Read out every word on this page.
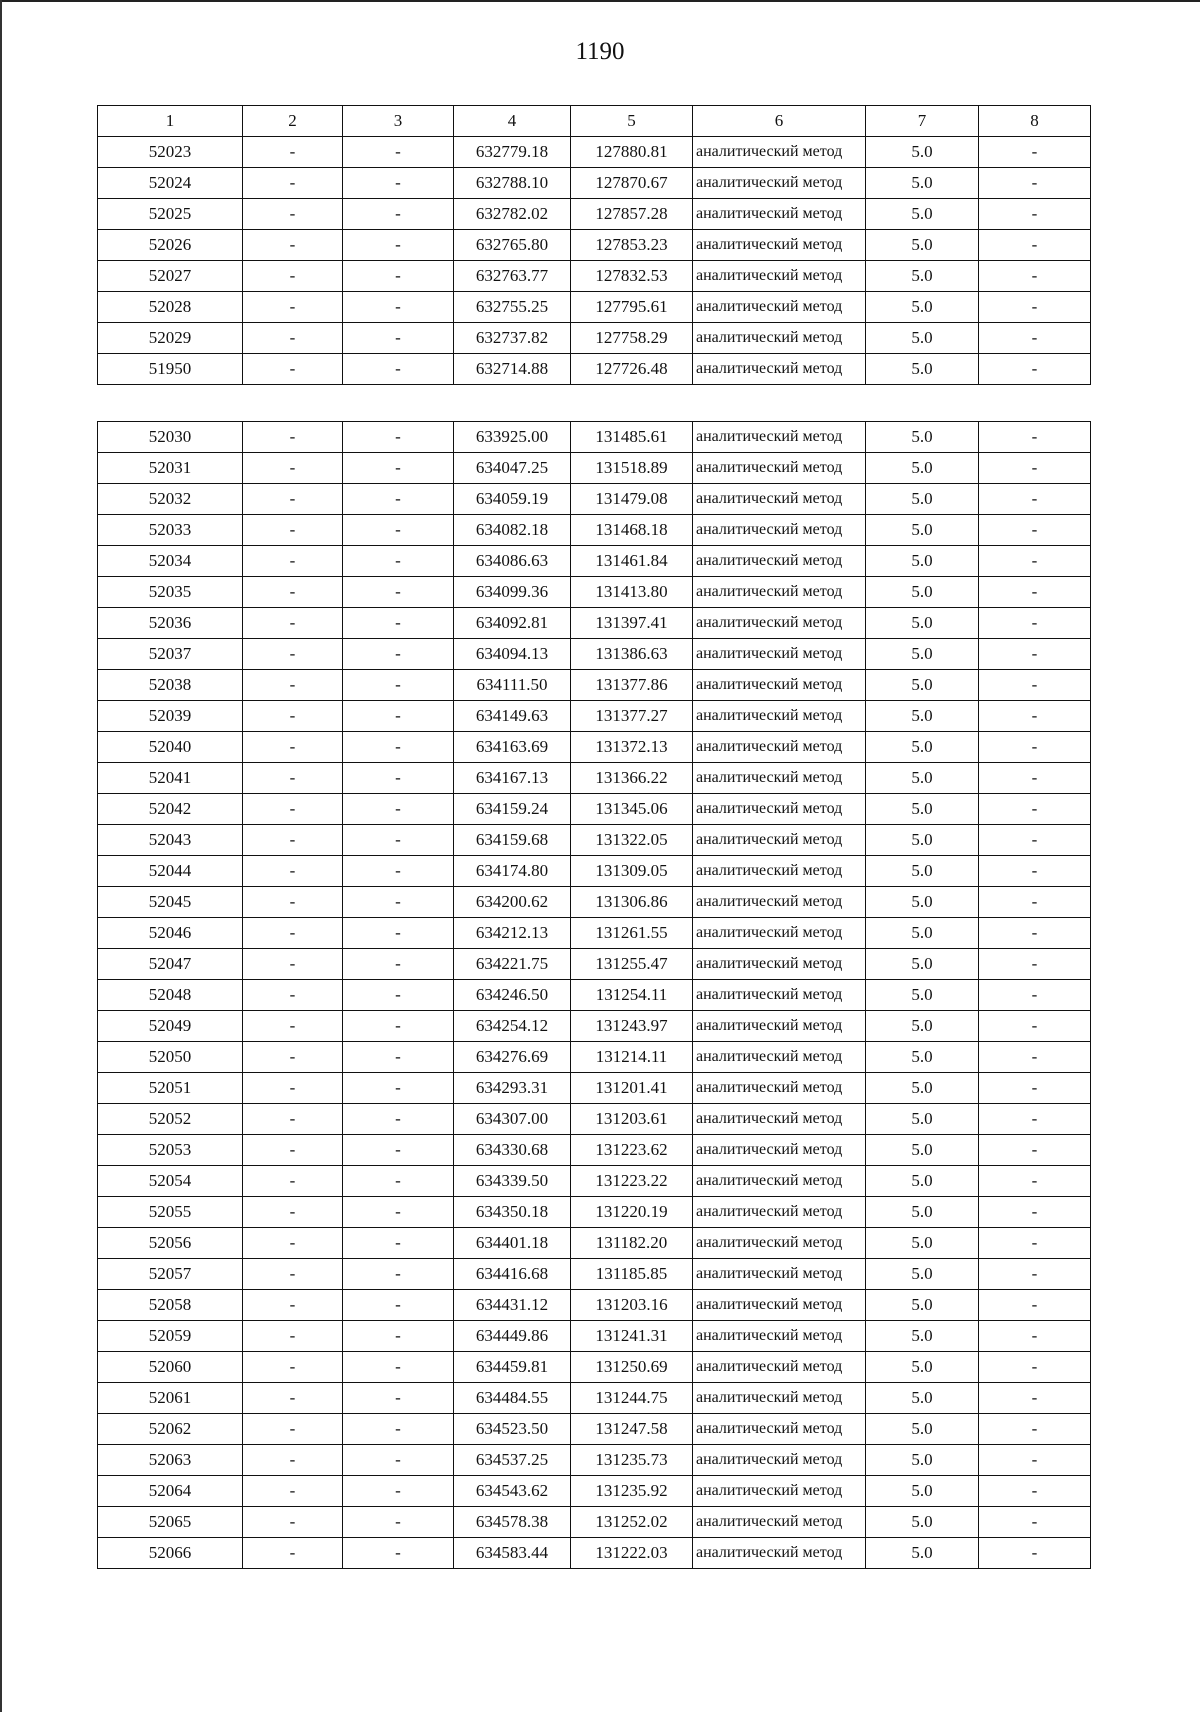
1190
1	2	3	4	5	6	7	8
52023	-	-	632779.18	127880.81	аналитический метод	5.0	-
52024	-	-	632788.10	127870.67	аналитический метод	5.0	-
52025	-	-	632782.02	127857.28	аналитический метод	5.0	-
52026	-	-	632765.80	127853.23	аналитический метод	5.0	-
52027	-	-	632763.77	127832.53	аналитический метод	5.0	-
52028	-	-	632755.25	127795.61	аналитический метод	5.0	-
52029	-	-	632737.82	127758.29	аналитический метод	5.0	-
51950	-	-	632714.88	127726.48	аналитический метод	5.0	-
52030	-	-	633925.00	131485.61	аналитический метод	5.0	-
52031	-	-	634047.25	131518.89	аналитический метод	5.0	-
52032	-	-	634059.19	131479.08	аналитический метод	5.0	-
52033	-	-	634082.18	131468.18	аналитический метод	5.0	-
52034	-	-	634086.63	131461.84	аналитический метод	5.0	-
52035	-	-	634099.36	131413.80	аналитический метод	5.0	-
52036	-	-	634092.81	131397.41	аналитический метод	5.0	-
52037	-	-	634094.13	131386.63	аналитический метод	5.0	-
52038	-	-	634111.50	131377.86	аналитический метод	5.0	-
52039	-	-	634149.63	131377.27	аналитический метод	5.0	-
52040	-	-	634163.69	131372.13	аналитический метод	5.0	-
52041	-	-	634167.13	131366.22	аналитический метод	5.0	-
52042	-	-	634159.24	131345.06	аналитический метод	5.0	-
52043	-	-	634159.68	131322.05	аналитический метод	5.0	-
52044	-	-	634174.80	131309.05	аналитический метод	5.0	-
52045	-	-	634200.62	131306.86	аналитический метод	5.0	-
52046	-	-	634212.13	131261.55	аналитический метод	5.0	-
52047	-	-	634221.75	131255.47	аналитический метод	5.0	-
52048	-	-	634246.50	131254.11	аналитический метод	5.0	-
52049	-	-	634254.12	131243.97	аналитический метод	5.0	-
52050	-	-	634276.69	131214.11	аналитический метод	5.0	-
52051	-	-	634293.31	131201.41	аналитический метод	5.0	-
52052	-	-	634307.00	131203.61	аналитический метод	5.0	-
52053	-	-	634330.68	131223.62	аналитический метод	5.0	-
52054	-	-	634339.50	131223.22	аналитический метод	5.0	-
52055	-	-	634350.18	131220.19	аналитический метод	5.0	-
52056	-	-	634401.18	131182.20	аналитический метод	5.0	-
52057	-	-	634416.68	131185.85	аналитический метод	5.0	-
52058	-	-	634431.12	131203.16	аналитический метод	5.0	-
52059	-	-	634449.86	131241.31	аналитический метод	5.0	-
52060	-	-	634459.81	131250.69	аналитический метод	5.0	-
52061	-	-	634484.55	131244.75	аналитический метод	5.0	-
52062	-	-	634523.50	131247.58	аналитический метод	5.0	-
52063	-	-	634537.25	131235.73	аналитический метод	5.0	-
52064	-	-	634543.62	131235.92	аналитический метод	5.0	-
52065	-	-	634578.38	131252.02	аналитический метод	5.0	-
52066	-	-	634583.44	131222.03	аналитический метод	5.0	-
